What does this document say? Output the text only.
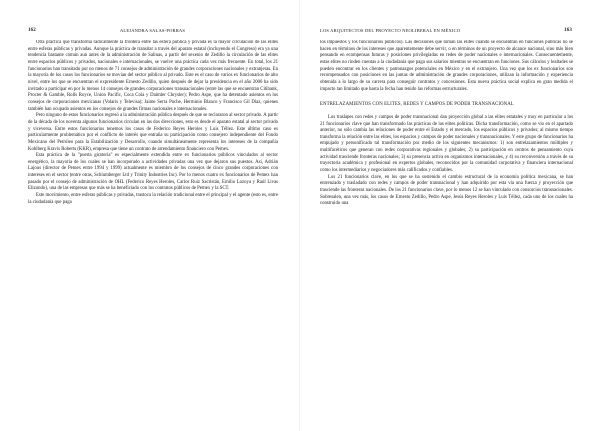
162	ALEJANDRA SALAS-PORRAS

Otra práctica que transforma radicalmente la frontera entre las esfera pública y privada es la mayor circulación de las elites entre esferas públicas y privadas. Aunque la práctica de transitar a través del aparato estatal (incluyendo el Congreso) era ya una tendencia bastante común aun antes de la administración de Salinas, a partir del sexenio de Zedillo la circulación de las elites entre espacios públicos y privados, nacionales e internacionales, se vuelve una práctica cada vez más frecuente. En total, los 21 funcionarios han transitado por no menos de 71 consejos de administración de grandes corporaciones nacionales y extranjeras. En la mayoría de los casos los funcionarios se movían del sector público al privado. Este es el caso de varios ex funcionarios de alto nivel, entre los que se encuentran el expresidente Ernesto Zedillo, quien después de dejar la presidencia en el año 2000 ha sido invitado a participar en por lo menos 14 consejos de grandes corporaciones transnacionales (entre las que se encuentran Citibank, Procter & Gamble, Rolls Royce, Union Pacific, Coca Cola y Daimler Chrysler); Pedro Aspe, que ha detentado asientos en los consejos de corporaciones mexicanas (Volaris y Televisa); Jaime Serra Puche, Herminio Blanco y Francisco Gil Díaz, quienes también han ocupado asientos en los consejos de grandes firmas nacionales e internacionales.

Pero ninguno de estos funcionarios regresó a la administración pública después de que se reclararon al sector privado. A partir de la década de los noventa algunos funcionarios circulan en las dos direcciones, esto es desde el aparato estatal al sector privado y viceversa. Entre estos funcionarios tenemos los casos de Federico Reyes Heroles y Luis Téllez. Este último caso es particularmente problemático por el conflicto de interés que entraña su participación como consejero independiente del Fondo Mexicano del Petróleo para la Estabilización y Desarrollo, cuando simultáneamente representa los intereses de la compañía Kohlberg Kravis Roberts (KKR), empresa que tiene un contrato de arrendamiento financiero con Pemex.

Esta práctica de la "puerta giratoria" es especialmente extendida entre ex funcionarios públicos vinculados al sector energético, la mayoría de los cuales se han incorporado a actividades privadas una vez que dejaron sus puestos. Así, Adrián Lajous (director de Pemex entre 1994 y 1999) actualmente es miembro de los consejos de cinco grandes corporaciones con intereses en el sector (entre otras, Schlumberger Ltd y Trinity Industries Inc). Por lo menos cuatro ex funcionarios de Pemex han pasado por el consejo de administración de OHL (Federico Reyes Heroles, Carlos Ruiz Sacristán, Emilio Lozoya y Raúl Livas Elizondo), una de las empresas que más se ha beneficiado con los contratos públicos de Pemex y la SCT.

Este movimiento, entre esferas públicas y privadas, trastoca la relación tradicional entre el principal y el agente (esto es, entre la ciudadanía que paga

LOS ARQUITECTOS DEL PROYECTO NEOLIBERAL EN MÉXICO	163

los impuestos y los funcionarios públicos). Las decisiones que toman las elites cuando se encuentran en funciones públicas no se hacen en términos de los intereses que aparentemente debe servir, o en términos de un proyecto de alcance nacional, sino más bien pensando en ecompensas futuras y posiciones privilegiadas en redes de poder nacionales e internacionales. Consecuentemente, estas elites no rinden cuentas a la ciudadanía que paga sus salarios mientras se encuentran en funciones. Sus cálculos y lealtades se pueden encontrar en los clientes y patronazgos potenciales en México y en el extranjero. Una vez que los ex funcionarios son recompensados con posiciones en las juntas de administración de grandes corporaciones, utilizan la información y experiencia obtenida a lo largo de su carrera para conseguir contratos y concesiones. Esta nueva práctica social explica en gran medida el impacto tan limitado que hasta la fecha han tenido las reformas estructurales.

ENTRELAZAMIENTOS CON ELITES, REDES Y CAMPOS DE PODER TRANSNACIONAL

Los traslapes con redes y campos de poder transnacional dan proyección global a las elites estatales y muy en particular a los 21 funcionarios clave que han transformado las prácticas de las elites políticas. Dicha transformación, como se vio en el apartado anterior, no sólo cambia las relaciones de poder entre el Estado y el mercado, los espacios públicos y privados; al mismo tiempo transforma la relación entre las elites, los espacios y campos de poder nacionales y transnacionales. Y este grupo de funcionarios ha empujado y personificado tal transformación por medio de los siguientes mecanismos: 1) son entrelazamientos múltiples y multifacéticos que generan con redes corporativas regionales y globales; 2) su participación en centros de pensamiento cuya actividad trasciende fronteras nacionales; 3) su presencia activa en organismos internacionales, y 4) su reconversión a través de su trayectoria académica y profesional en expertos globales, reconocidos por la comunidad corporativa y financiera internacional como los intermediarios y negociadores más calificados y confiables.

Los 21 funcionarios clave, en los que se ha sostenido el cambio estructural de la economía política mexicana, se han entrenzado y trasladado con redes y campos de poder transnacional y han adquirido por esta vía una fuerza y proyección que trasciende las fronteras nacionales. De los 21 funcionarios clave, por lo menos 12 se han vinculado con consorcios transnacionales. Sobresalen, una vez más, los casos de Ernesto Zedillo, Pedro Aspe, Jesús Reyes Heroles y Luis Téllez, cada uno de los cuales ha construido una
